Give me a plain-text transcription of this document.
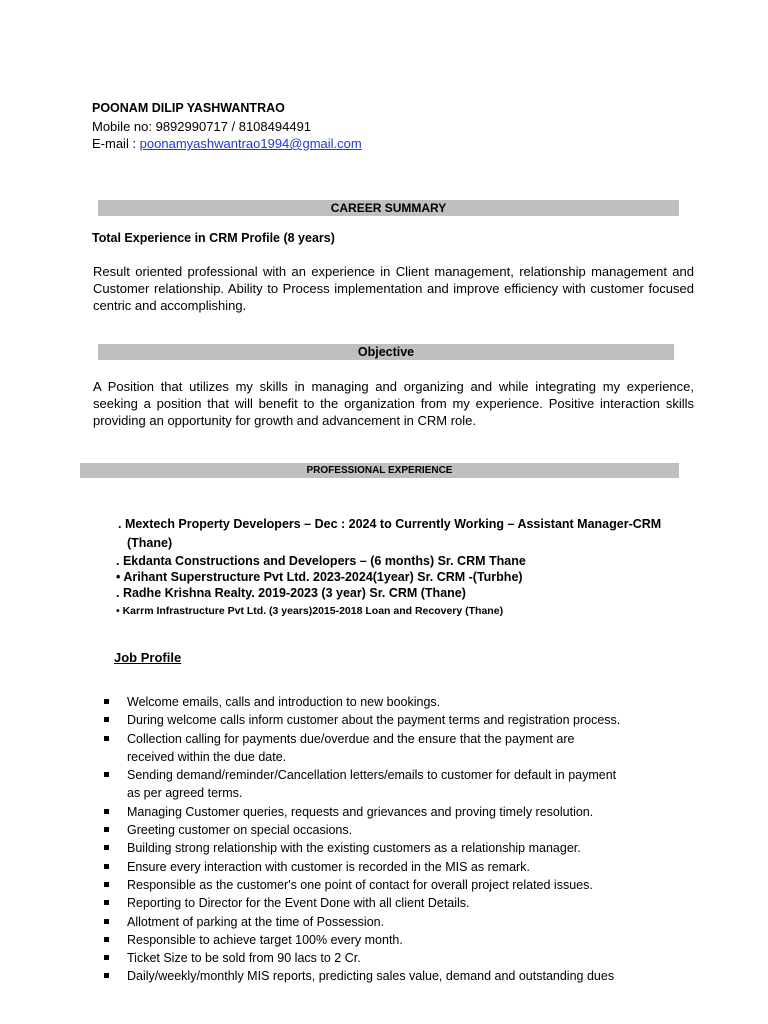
POONAM DILIP YASHWANTRAO
Mobile no: 9892990717 / 8108494491
E-mail : poonamyashwantrao1994@gmail.com
CAREER SUMMARY
Total Experience in CRM Profile (8 years)
Result oriented professional with an experience in Client management, relationship management and Customer relationship. Ability to Process implementation and improve efficiency with customer focused centric and accomplishing.
Objective
A Position that utilizes my skills in managing and organizing and while integrating my experience, seeking a position that will benefit to the organization from my experience. Positive interaction skills providing an opportunity for growth and advancement in CRM role.
PROFESSIONAL EXPERIENCE
. Mextech Property Developers – Dec : 2024 to Currently Working – Assistant Manager-CRM
(Thane)
. Ekdanta Constructions and Developers – (6 months) Sr. CRM Thane
• Arihant Superstructure Pvt Ltd. 2023-2024(1year) Sr. CRM -(Turbhe)
. Radhe Krishna Realty. 2019-2023 (3 year) Sr. CRM (Thane)
• Karrm Infrastructure Pvt Ltd. (3 years)2015-2018 Loan and Recovery (Thane)
Job Profile
Welcome emails, calls and introduction to new bookings.
During welcome calls inform customer about the payment terms and registration process.
Collection calling for payments due/overdue and the ensure that the payment are received within the due date.
Sending demand/reminder/Cancellation letters/emails to customer for default in payment as per agreed terms.
Managing Customer queries, requests and grievances and proving timely resolution.
Greeting customer on special occasions.
Building strong relationship with the existing customers as a relationship manager.
Ensure every interaction with customer is recorded in the MIS as remark.
Responsible as the customer's one point of contact for overall project related issues.
Reporting to Director for the Event Done with all client Details.
Allotment of parking at the time of Possession.
Responsible to achieve target 100% every month.
Ticket Size to be sold from 90 lacs to 2 Cr.
Daily/weekly/monthly MIS reports, predicting sales value, demand and outstanding dues
